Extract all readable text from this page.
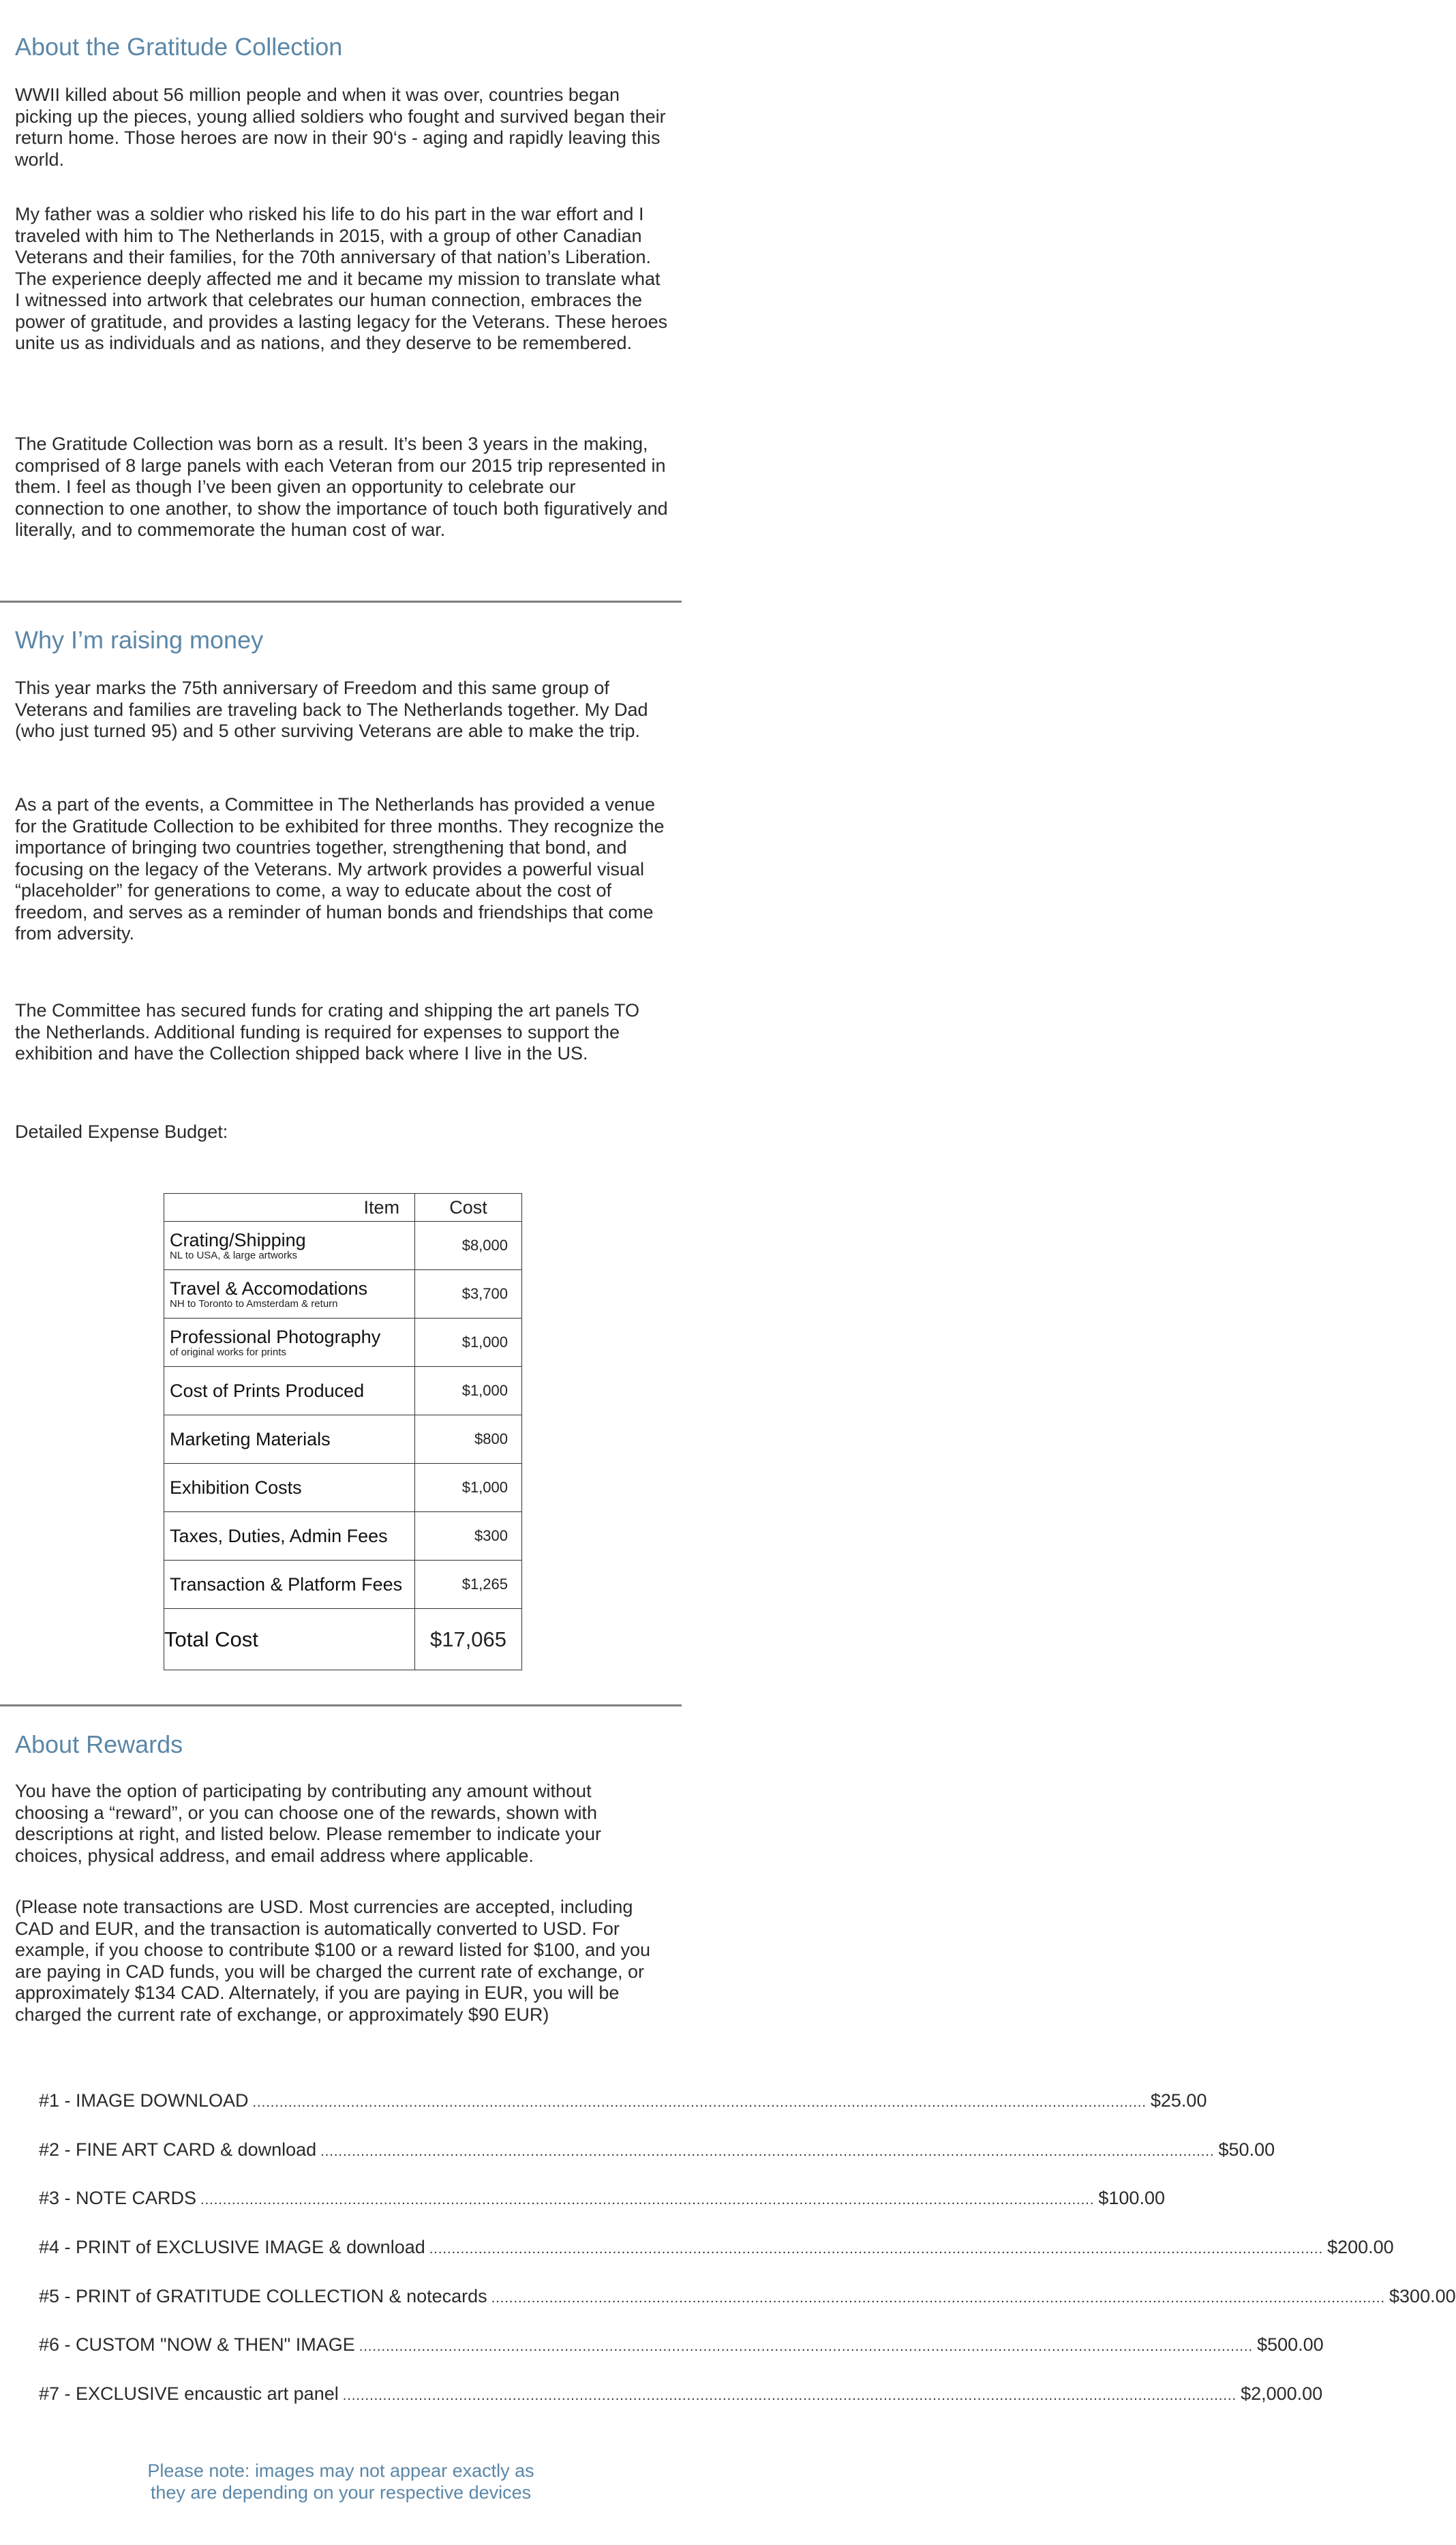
About the Gratitude Collection

WWII killed about 56 million people and when it was over, countries began picking up the pieces, young allied soldiers who fought and survived began their return home. Those heroes are now in their 90‘s - aging and rapidly leaving this world.

My father was a soldier who risked his life to do his part in the war effort and I traveled with him to The Netherlands in 2015, with a group of other Canadian Veterans and their families, for the 70th anniversary of that nation’s Liberation. The experience deeply affected me and it became my mission to translate what I witnessed into artwork that celebrates our human connection, embraces the power of gratitude, and provides a lasting legacy for the Veterans. These heroes unite us as individuals and as nations, and they deserve to be remembered.

The Gratitude Collection was born as a result. It’s been 3 years in the making, comprised of 8 large panels with each Veteran from our 2015 trip represented in them. I feel as though I’ve been given an opportunity to celebrate our connection to one another, to show the importance of touch both figuratively and literally, and to commemorate the human cost of war.

Why I’m raising money

This year marks the 75th anniversary of Freedom and this same group of Veterans and families are traveling back to The Netherlands together. My Dad (who just turned 95) and 5 other surviving Veterans are able to make the trip.

As a part of the events, a Committee in The Netherlands has provided a venue for the Gratitude Collection to be exhibited for three months. They recognize the importance of bringing two countries together, strengthening that bond, and focusing on the legacy of the Veterans. My artwork provides a powerful visual “placeholder” for generations to come, a way to educate about the cost of freedom, and serves as a reminder of human bonds and friendships that come from adversity.

The Committee has secured funds for crating and shipping the art panels TO the Netherlands. Additional funding is required for expenses to support the exhibition and have the Collection shipped back where I live in the US.

Detailed Expense Budget:

Item	Cost

Crating/Shipping
NL to USA, & large artworks	$8,000

Travel & Accomodations
NH to Toronto to Amsterdam & return	$3,700

Professional Photography
of original works for prints	$1,000

Cost of Prints Produced	$1,000

Marketing Materials	$800

Exhibition Costs	$1,000

Taxes, Duties, Admin Fees	$300

Transaction & Platform Fees	$1,265

Total Cost	$17,065
About Rewards

You have the option of participating by contributing any amount without choosing a “reward”, or you can choose one of the rewards, shown with descriptions at right, and listed below. Please remember to indicate your choices, physical address, and email address where applicable.

(Please note transactions are USD. Most currencies are accepted, including CAD and EUR, and the transaction is automatically converted to USD. For example, if you choose to contribute $100 or a reward listed for $100, and you are paying in CAD funds, you will be charged the current rate of exchange, or approximately $134 CAD. Alternately, if you are paying in EUR, you will be charged the current rate of exchange, or approximately $90 EUR)

#1 - IMAGE DOWNLOAD ........................................................................................................................................................................................................ $25.00
#2 - FINE ART CARD & download ........................................................................................................................................................................................................ $50.00
#3 - NOTE CARDS ........................................................................................................................................................................................................ $100.00
#4 - PRINT of EXCLUSIVE IMAGE & download ........................................................................................................................................................................................................ $200.00
#5 - PRINT of GRATITUDE COLLECTION & notecards ........................................................................................................................................................................................................ $300.00
#6 - CUSTOM "NOW & THEN" IMAGE ........................................................................................................................................................................................................ $500.00
#7 - EXCLUSIVE encaustic art panel ........................................................................................................................................................................................................ $2,000.00

Please note: images may not appear exactly as they are depending on your respective devices
